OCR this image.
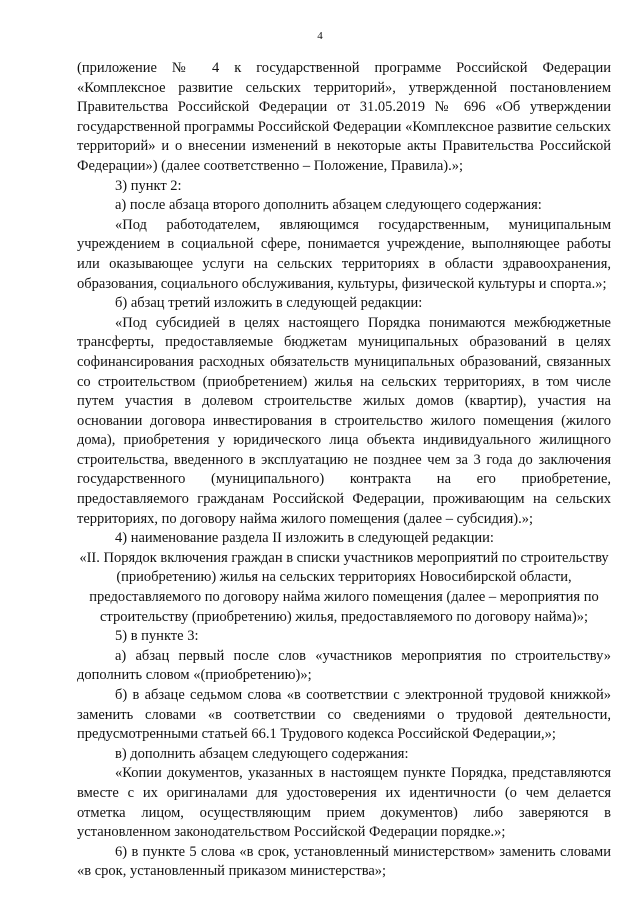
4

(приложение № 4 к государственной программе Российской Федерации «Комплексное развитие сельских территорий», утвержденной постановлением Правительства Российской Федерации от 31.05.2019 № 696 «Об утверждении государственной программы Российской Федерации «Комплексное развитие сельских территорий» и о внесении изменений в некоторые акты Правительства Российской Федерации») (далее соответственно – Положение, Правила).»;

3) пункт 2:

а) после абзаца второго дополнить абзацем следующего содержания:

«Под работодателем, являющимся государственным, муниципальным учреждением в социальной сфере, понимается учреждение, выполняющее работы или оказывающее услуги на сельских территориях в области здравоохранения, образования, социального обслуживания, культуры, физической культуры и спорта.»;

б) абзац третий изложить в следующей редакции:

«Под субсидией в целях настоящего Порядка понимаются межбюджетные трансферты, предоставляемые бюджетам муниципальных образований в целях софинансирования расходных обязательств муниципальных образований, связанных со строительством (приобретением) жилья на сельских территориях, в том числе путем участия в долевом строительстве жилых домов (квартир), участия на основании договора инвестирования в строительство жилого помещения (жилого дома), приобретения у юридического лица объекта индивидуального жилищного строительства, введенного в эксплуатацию не позднее чем за 3 года до заключения государственного (муниципального) контракта на его приобретение, предоставляемого гражданам Российской Федерации, проживающим на сельских территориях, по договору найма жилого помещения (далее – субсидия).»;

4) наименование раздела II изложить в следующей редакции:

«II. Порядок включения граждан в списки участников мероприятий по строительству (приобретению) жилья на сельских территориях Новосибирской области, предоставляемого по договору найма жилого помещения (далее – мероприятия по строительству (приобретению) жилья, предоставляемого по договору найма)»;

5) в пункте 3:

а) абзац первый после слов «участников мероприятия по строительству» дополнить словом «(приобретению)»;

б) в абзаце седьмом слова «в соответствии с электронной трудовой книжкой» заменить словами «в соответствии со сведениями о трудовой деятельности, предусмотренными статьей 66.1 Трудового кодекса Российской Федерации,»;

в) дополнить абзацем следующего содержания:

«Копии документов, указанных в настоящем пункте Порядка, представляются вместе с их оригиналами для удостоверения их идентичности (о чем делается отметка лицом, осуществляющим прием документов) либо заверяются в установленном законодательством Российской Федерации порядке.»;

6) в пункте 5 слова «в срок, установленный министерством» заменить словами «в срок, установленный приказом министерства»;
